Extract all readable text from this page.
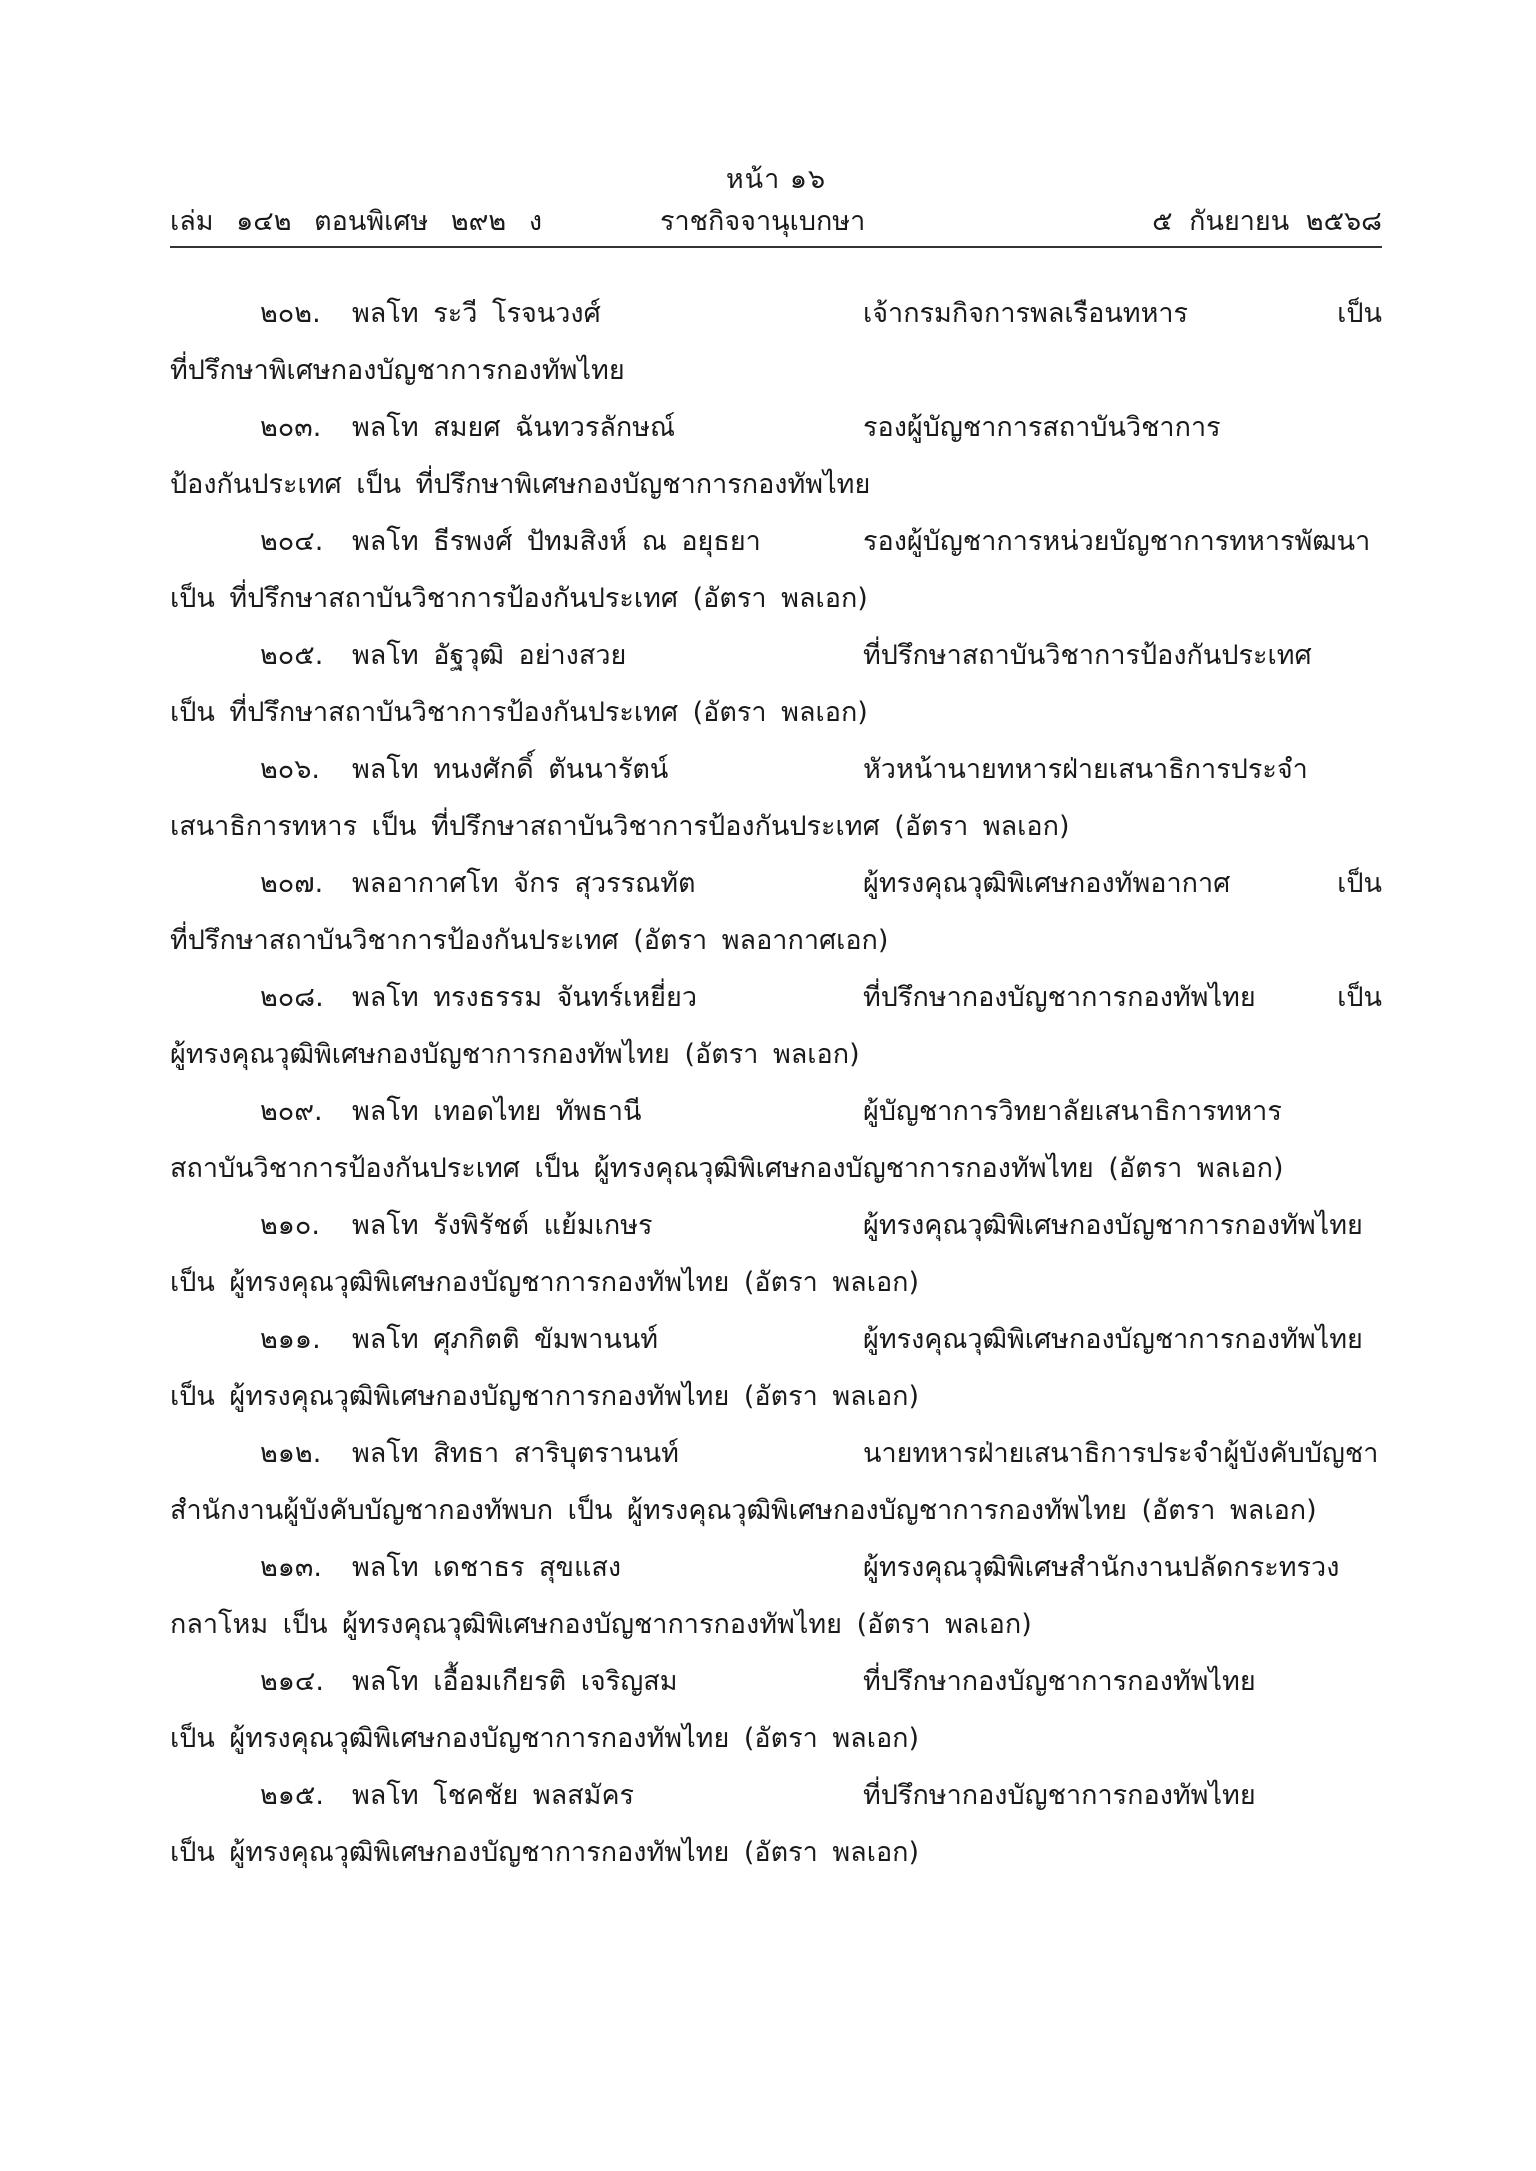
หน้า ๑๖
เล่ม ๑๔๒ ตอนพิเศษ ๒๙๒ ง	ราชกิจจานุเบกษา	๕ กันยายน ๒๕๖๘
๒๐๒. พลโท ระวี โรจนวงศ์	เจ้ากรมกิจการพลเรือนทหาร เป็น
ที่ปรึกษาพิเศษกองบัญชาการกองทัพไทย
๒๐๓. พลโท สมยศ ฉันทวรลักษณ์	รองผู้บัญชาการสถาบันวิชาการ
ป้องกันประเทศ เป็น ที่ปรึกษาพิเศษกองบัญชาการกองทัพไทย
๒๐๔. พลโท ธีรพงศ์ ปัทมสิงห์ ณ อยุธยา	รองผู้บัญชาการหน่วยบัญชาการทหารพัฒนา
เป็น ที่ปรึกษาสถาบันวิชาการป้องกันประเทศ (อัตรา พลเอก)
๒๐๕. พลโท อัฐวุฒิ อย่างสวย	ที่ปรึกษาสถาบันวิชาการป้องกันประเทศ
เป็น ที่ปรึกษาสถาบันวิชาการป้องกันประเทศ (อัตรา พลเอก)
๒๐๖. พลโท ทนงศักดิ์ ตันนารัตน์	หัวหน้านายทหารฝ่ายเสนาธิการประจำ
เสนาธิการทหาร เป็น ที่ปรึกษาสถาบันวิชาการป้องกันประเทศ (อัตรา พลเอก)
๒๐๗. พลอากาศโท จักร สุวรรณทัต	ผู้ทรงคุณวุฒิพิเศษกองทัพอากาศ เป็น
ที่ปรึกษาสถาบันวิชาการป้องกันประเทศ (อัตรา พลอากาศเอก)
๒๐๘. พลโท ทรงธรรม จันทร์เหยี่ยว	ที่ปรึกษากองบัญชาการกองทัพไทย เป็น
ผู้ทรงคุณวุฒิพิเศษกองบัญชาการกองทัพไทย (อัตรา พลเอก)
๒๐๙. พลโท เทอดไทย ทัพธานี	ผู้บัญชาการวิทยาลัยเสนาธิการทหาร
สถาบันวิชาการป้องกันประเทศ เป็น ผู้ทรงคุณวุฒิพิเศษกองบัญชาการกองทัพไทย (อัตรา พลเอก)
๒๑๐. พลโท รังพิรัชต์ แย้มเกษร	ผู้ทรงคุณวุฒิพิเศษกองบัญชาการกองทัพไทย
เป็น ผู้ทรงคุณวุฒิพิเศษกองบัญชาการกองทัพไทย (อัตรา พลเอก)
๒๑๑. พลโท ศุภกิตติ ขัมพานนท์	ผู้ทรงคุณวุฒิพิเศษกองบัญชาการกองทัพไทย
เป็น ผู้ทรงคุณวุฒิพิเศษกองบัญชาการกองทัพไทย (อัตรา พลเอก)
๒๑๒. พลโท สิทธา สาริบุตรานนท์	นายทหารฝ่ายเสนาธิการประจำผู้บังคับบัญชา
สำนักงานผู้บังคับบัญชากองทัพบก เป็น ผู้ทรงคุณวุฒิพิเศษกองบัญชาการกองทัพไทย (อัตรา พลเอก)
๒๑๓. พลโท เดชาธร สุขแสง	ผู้ทรงคุณวุฒิพิเศษสำนักงานปลัดกระทรวง
กลาโหม เป็น ผู้ทรงคุณวุฒิพิเศษกองบัญชาการกองทัพไทย (อัตรา พลเอก)
๒๑๔. พลโท เอื้อมเกียรติ เจริญสม	ที่ปรึกษากองบัญชาการกองทัพไทย
เป็น ผู้ทรงคุณวุฒิพิเศษกองบัญชาการกองทัพไทย (อัตรา พลเอก)
๒๑๕. พลโท โชคชัย พลสมัคร	ที่ปรึกษากองบัญชาการกองทัพไทย
เป็น ผู้ทรงคุณวุฒิพิเศษกองบัญชาการกองทัพไทย (อัตรา พลเอก)
